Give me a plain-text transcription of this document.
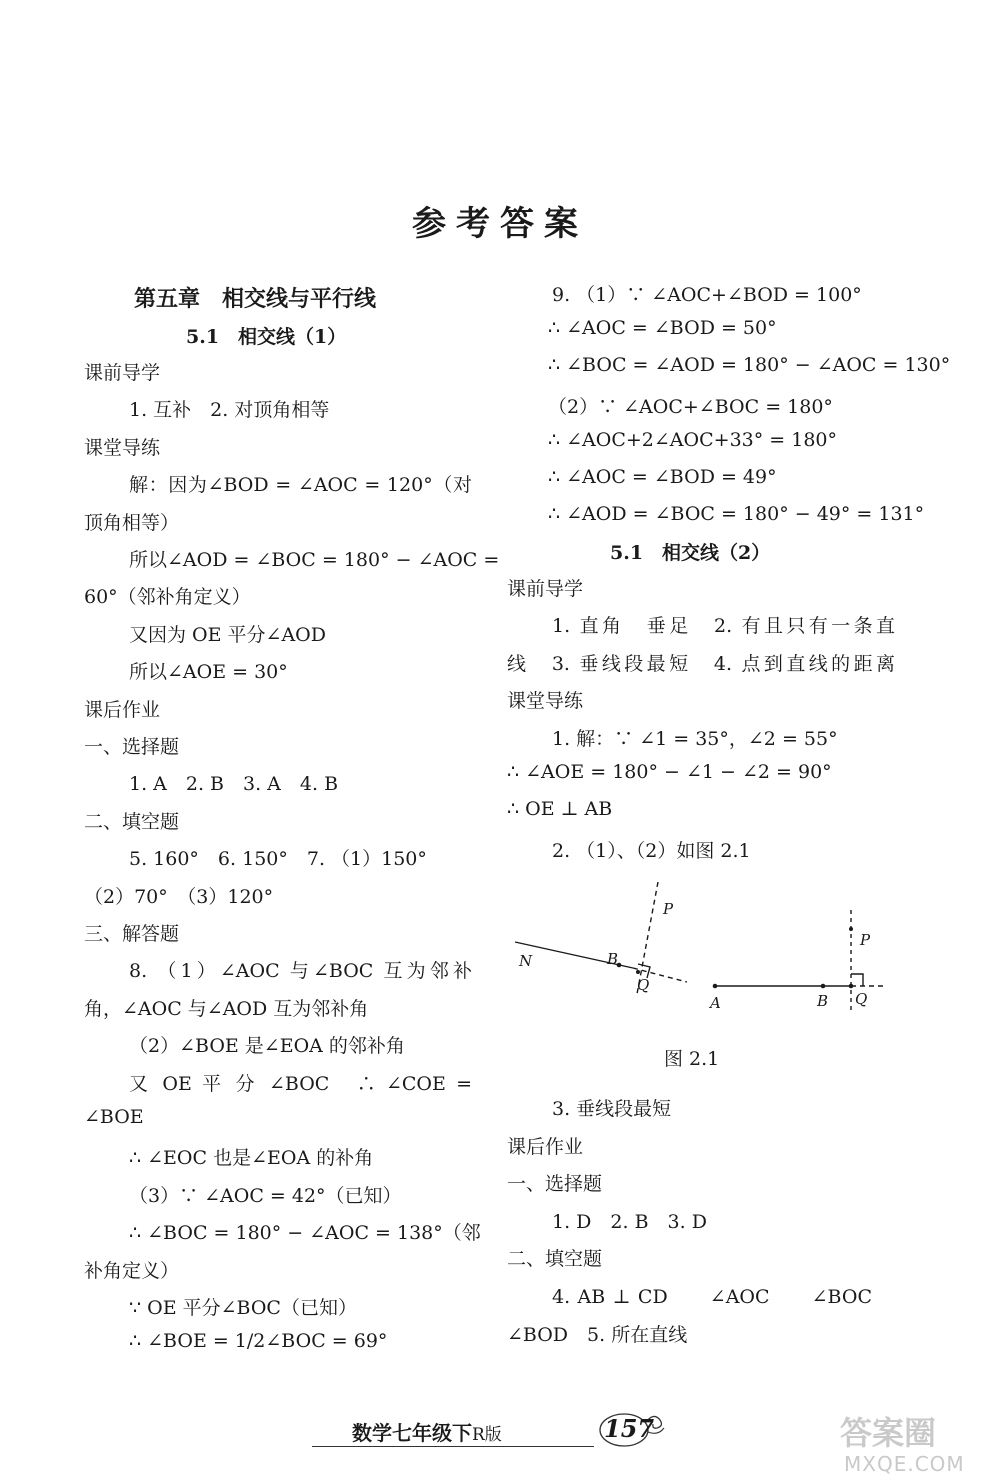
参考答案
第五章　相交线与平行线
5.1　相交线（1）
课前导学
1. 互补　2. 对顶角相等
课堂导练
解：因为∠BOD = ∠AOC = 120°（对
顶角相等）
所以∠AOD = ∠BOC = 180° − ∠AOC =
60°（邻补角定义）
又因为 OE 平分∠AOD
所以∠AOE = 30°
课后作业
一、选择题
1. A　2. B　3. A　4. B
二、填空题
5. 160°　6. 150°　7. （1）150°
（2）70°　（3）120°
三、解答题
8. （1）∠AOC 与∠BOC 互为邻补
角，∠AOC 与∠AOD 互为邻补角
（2）∠BOE 是∠EOA 的邻补角
又 OE 平 分 ∠BOC　∴ ∠COE =
∠BOE
∴ ∠EOC 也是∠EOA 的补角
（3）∵ ∠AOC = 42°（已知）
∴ ∠BOC = 180° − ∠AOC = 138°（邻
补角定义）
∵ OE 平分∠BOC（已知）
∴ ∠BOE = 1/2∠BOC = 69°
9. （1）∵ ∠AOC+∠BOD = 100°
∴ ∠AOC = ∠BOD = 50°
∴ ∠BOC = ∠AOD = 180° − ∠AOC = 130°
（2）∵ ∠AOC+∠BOC = 180°
∴ ∠AOC+2∠AOC+33° = 180°
∴ ∠AOC = ∠BOD = 49°
∴ ∠AOD = ∠BOC = 180° − 49° = 131°
5.1　相交线（2）
课前导学
1. 直角　垂足　2. 有且只有一条直
线　3. 垂线段最短　4. 点到直线的距离
课堂导练
1. 解：∵ ∠1 = 35°，∠2 = 55°
∴ ∠AOE = 180° − ∠1 − ∠2 = 90°
∴ OE ⊥ AB
2. （1）、（2）如图 2.1
P
N	B
Q
P
A	B Q
图 2.1
3. 垂线段最短
课后作业
一、选择题
1. D　2. B　3. D
二、填空题
4. AB ⊥ CD　　∠AOC　　∠BOC
∠BOD　5. 所在直线
数学七年级下R版	157	答案圈
MXQE.COM
